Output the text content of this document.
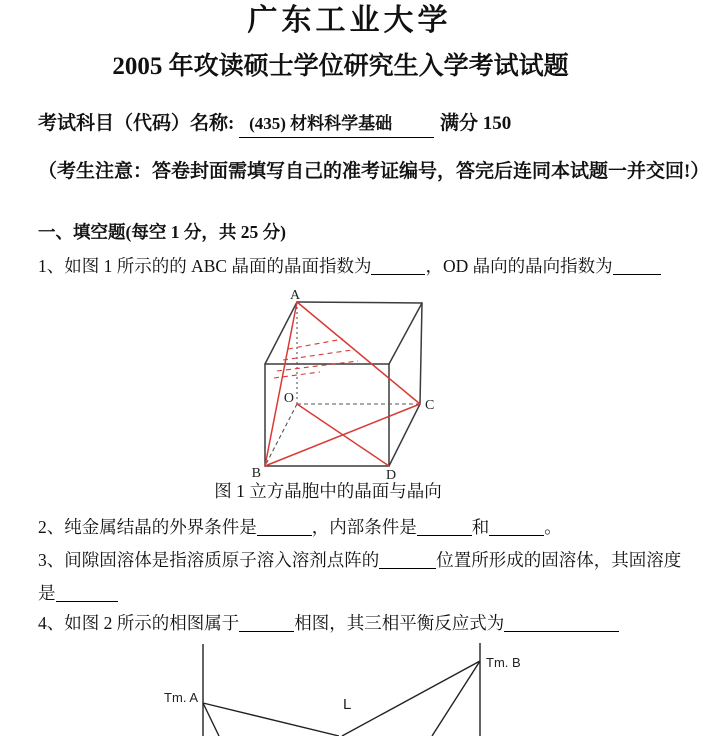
广东工业大学
2005 年攻读硕士学位研究生入学考试试题
考试科目（代码）名称: (435) 材料科学基础	满分 150
（考生注意：答卷封面需填写自己的准考证编号，答完后连同本试题一并交回!）
一、填空题(每空 1 分，共 25 分)
1、如图 1 所示的的 ABC 晶面的晶面指数为	，OD 晶向的晶向指数为
A
O	C
B	D
图 1 立方晶胞中的晶面与晶向
2、纯金属结晶的外界条件是	，内部条件是	和	。
3、间隙固溶体是指溶质原子溶入溶剂点阵的	位置所形成的固溶体，其固溶度
是
4、如图 2 所示的相图属于	相图，其三相平衡反应式为
Tm. A
Tm. B
L
